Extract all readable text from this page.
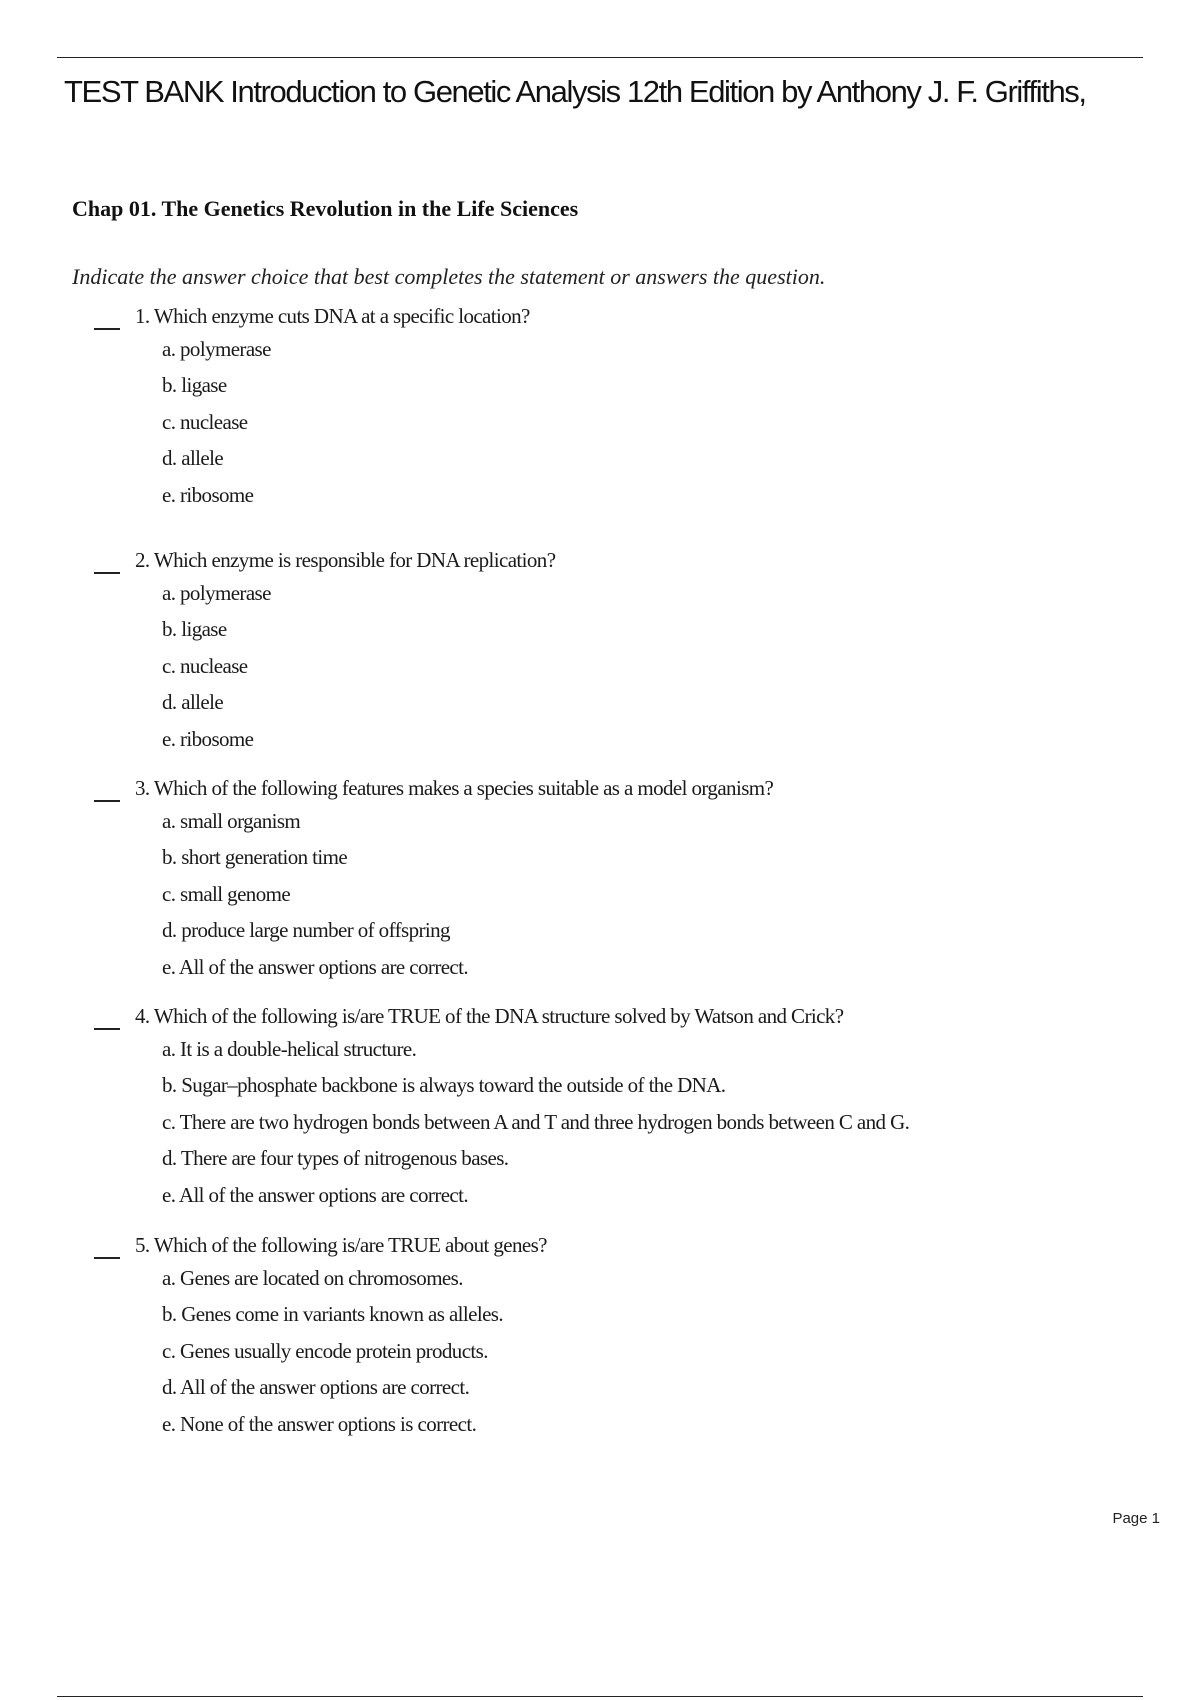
TEST BANK Introduction to Genetic Analysis 12th Edition by Anthony J. F. Griffiths,
Chap 01. The Genetics Revolution in the Life Sciences
Indicate the answer choice that best completes the statement or answers the question.
1. Which enzyme cuts DNA at a specific location?
a. polymerase
b. ligase
c. nuclease
d. allele
e. ribosome
2. Which enzyme is responsible for DNA replication?
a. polymerase
b. ligase
c. nuclease
d. allele
e. ribosome
3. Which of the following features makes a species suitable as a model organism?
a. small organism
b. short generation time
c. small genome
d. produce large number of offspring
e. All of the answer options are correct.
4. Which of the following is/are TRUE of the DNA structure solved by Watson and Crick?
a. It is a double-helical structure.
b. Sugar–phosphate backbone is always toward the outside of the DNA.
c. There are two hydrogen bonds between A and T and three hydrogen bonds between C and G.
d. There are four types of nitrogenous bases.
e. All of the answer options are correct.
5. Which of the following is/are TRUE about genes?
a. Genes are located on chromosomes.
b. Genes come in variants known as alleles.
c. Genes usually encode protein products.
d. All of the answer options are correct.
e. None of the answer options is correct.
Page 1
